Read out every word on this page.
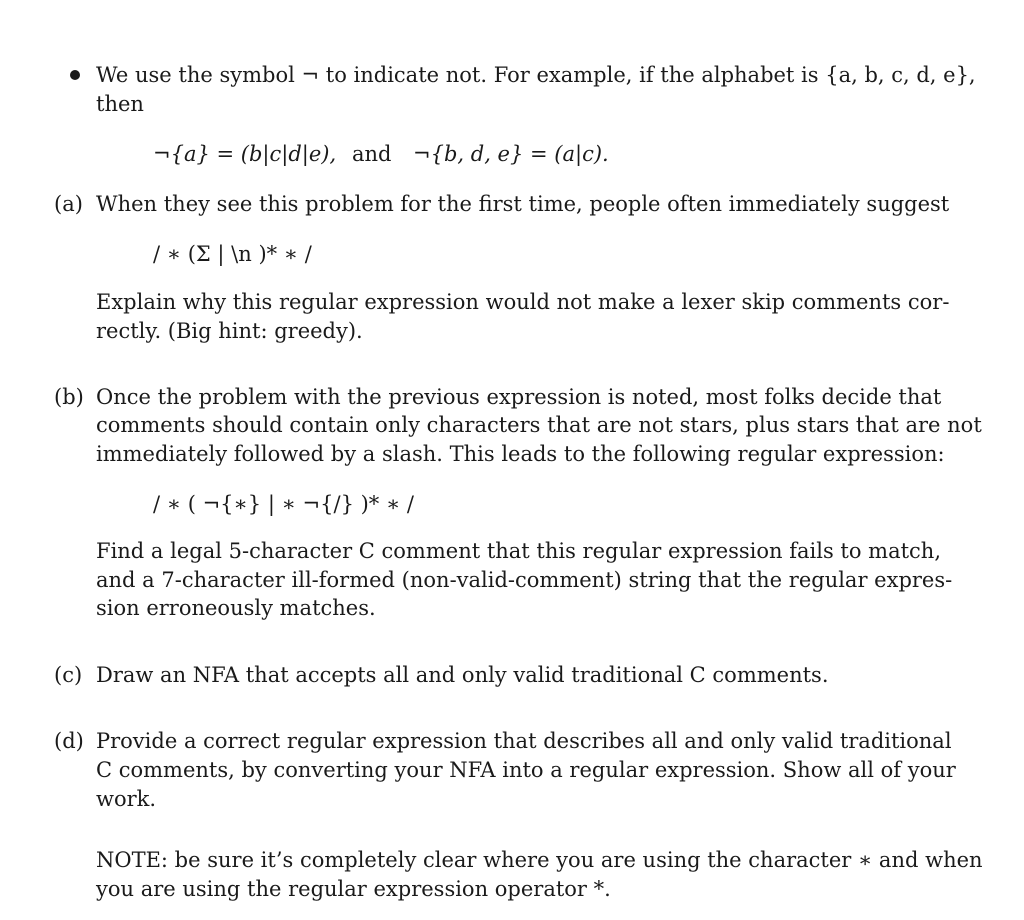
We use the symbol ¬ to indicate not. For example, if the alphabet is {a, b, c, d, e},
then
¬{a} = (b|c|d|e), and ¬{b, d, e} = (a|c).
(a) When they see this problem for the first time, people often immediately suggest
/ ∗ (Σ | \n )* ∗ /
Explain why this regular expression would not make a lexer skip comments cor-
rectly. (Big hint: greedy).
(b) Once the problem with the previous expression is noted, most folks decide that
comments should contain only characters that are not stars, plus stars that are not
immediately followed by a slash. This leads to the following regular expression:
/ ∗ ( ¬{∗} | ∗ ¬{/} )* ∗ /
Find a legal 5-character C comment that this regular expression fails to match,
and a 7-character ill-formed (non-valid-comment) string that the regular expres-
sion erroneously matches.
(c) Draw an NFA that accepts all and only valid traditional C comments.
(d) Provide a correct regular expression that describes all and only valid traditional
C comments, by converting your NFA into a regular expression. Show all of your
work.
NOTE: be sure it’s completely clear where you are using the character ∗ and when
you are using the regular expression operator *.
